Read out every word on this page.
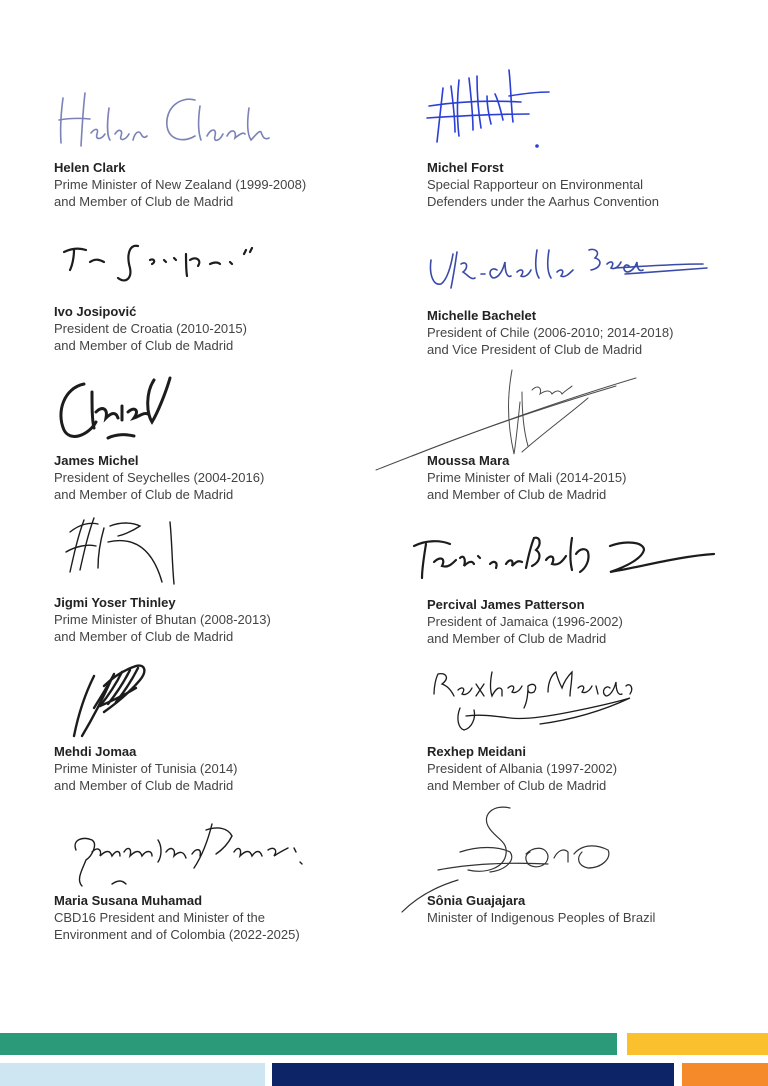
Helen Clark
Prime Minister of New Zealand (1999-2008)
and Member of Club de Madrid
Ivo Josipović
President de Croatia (2010-2015)
and Member of Club de Madrid
James Michel
President of Seychelles (2004-2016)
and Member of Club de Madrid
Jigmi Yoser Thinley
Prime Minister of Bhutan (2008-2013)
and Member of Club de Madrid
Mehdi Jomaa
Prime Minister of Tunisia (2014)
and Member of Club de Madrid
Maria Susana Muhamad
CBD16 President and Minister of the
Environment and of Colombia (2022-2025)
Michel Forst
Special Rapporteur on Environmental
Defenders under the Aarhus Convention
Michelle Bachelet
President of Chile (2006-2010; 2014-2018)
and Vice President of Club de Madrid
Moussa Mara
Prime Minister of Mali (2014-2015)
and Member of Club de Madrid
Percival James Patterson
President of Jamaica (1996-2002)
and Member of Club de Madrid
Rexhep Meidani
President of Albania (1997-2002)
and Member of Club de Madrid
Sônia Guajajara
Minister of Indigenous Peoples of Brazil
